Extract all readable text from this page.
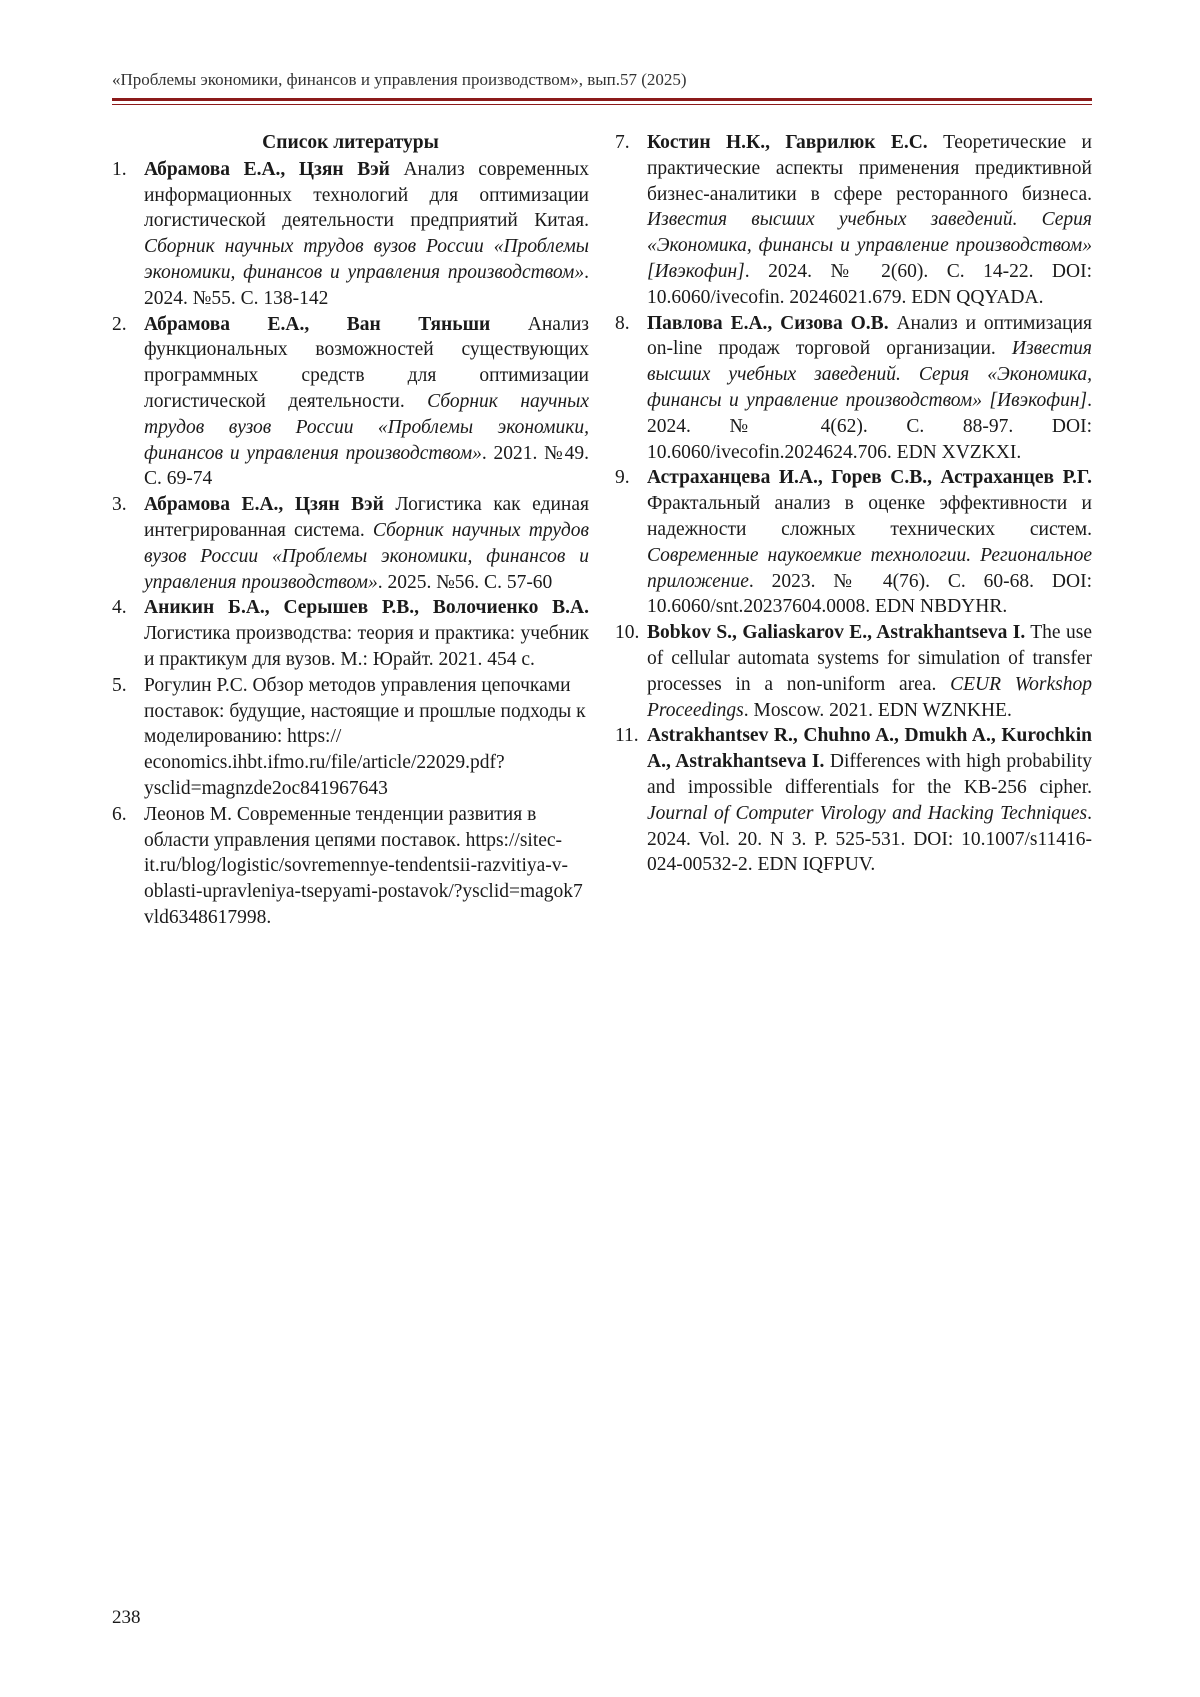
«Проблемы экономики, финансов и управления производством», вып.57 (2025)
Список литературы
1. Абрамова Е.А., Цзян Вэй Анализ современных информационных технологий для оптимизации логистической деятельности предприятий Китая. Сборник научных трудов вузов России «Проблемы экономики, финансов и управления производством». 2024. №55. С. 138-142
2. Абрамова Е.А., Ван Тяньши Анализ функциональных возможностей существующих программных средств для оптимизации логистической деятельности. Сборник научных трудов вузов России «Проблемы экономики, финансов и управления производством». 2021. №49. С. 69-74
3. Абрамова Е.А., Цзян Вэй Логистика как единая интегрированная система. Сборник научных трудов вузов России «Проблемы экономики, финансов и управления производством». 2025. №56. С. 57-60
4. Аникин Б.А., Серышев Р.В., Волочиенко В.А. Логистика производства: теория и практика: учебник и практикум для вузов. М.: Юрайт. 2021. 454 с.
5. Рогулин Р.С. Обзор методов управления цепочками поставок: будущие, настоящие и прошлые подходы к моделированию: https:// economics.ihbt.ifmo.ru/file/article/22029.pdf? ysclid=magnzde2oc841967643
6. Леонов М. Современные тенденции развития в области управления цепями поставок. https://sitec-it.ru/blog/logistic/sovremennye-tendentsii-razvitiya-v-oblasti-upravleniya-tsepyami-postavok/?ysclid=magok7 vld6348617998.
7. Костин Н.К., Гаврилюк Е.С. Теоретические и практические аспекты применения предиктивной бизнес-аналитики в сфере ресторанного бизнеса. Известия высших учебных заведений. Серия «Экономика, финансы и управление производством» [Ивэкофин]. 2024. № 2(60). С. 14-22. DOI: 10.6060/ivecofin. 20246021.679. EDN QQYADA.
8. Павлова Е.А., Сизова О.В. Анализ и оптимизация on-line продаж торговой организации. Известия высших учебных заведений. Серия «Экономика, финансы и управление производством» [Ивэкофин]. 2024. № 4(62). С. 88-97. DOI: 10.6060/ivecofin.2024624.706. EDN XVZKXI.
9. Астраханцева И.А., Горев С.В., Астраханцев Р.Г. Фрактальный анализ в оценке эффективности и надежности сложных технических систем. Современные наукоемкие технологии. Региональное приложение. 2023. № 4(76). С. 60-68. DOI: 10.6060/snt.20237604.0008. EDN NBDYHR.
10. Bobkov S., Galiaskarov E., Astrakhantseva I. The use of cellular automata systems for simulation of transfer processes in a non-uniform area. CEUR Workshop Proceedings. Moscow. 2021. EDN WZNKHE.
11. Astrakhantsev R., Chuhno A., Dmukh A., Kurochkin A., Astrakhantseva I. Differences with high probability and impossible differentials for the KB-256 cipher. Journal of Computer Virology and Hacking Techniques. 2024. Vol. 20. N 3. P. 525-531. DOI: 10.1007/s11416-024-00532-2. EDN IQFPUV.
238
